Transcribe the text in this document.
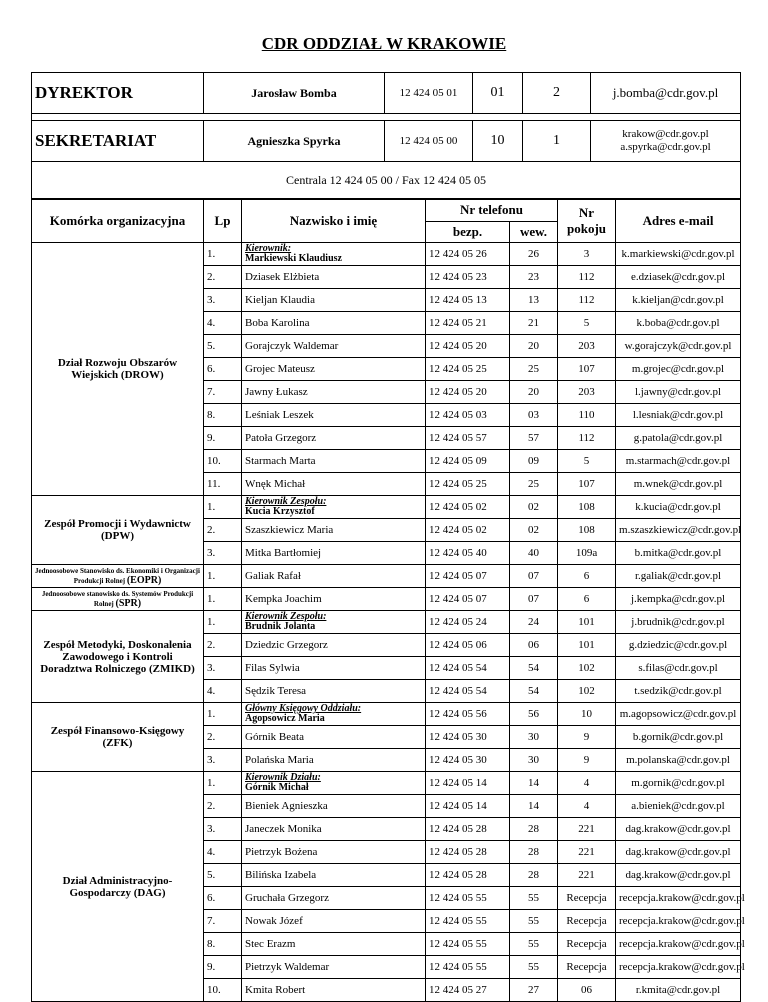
CDR ODDZIAŁ W KRAKOWIE
DYREKTOR	Jarosław Bomba	12 424 05 01	01	2	j.bomba@cdr.gov.pl

SEKRETARIAT	Agnieszka Spyrka	12 424 05 00	10	1	krakow@cdr.gov.pl
a.spyrka@cdr.gov.pl

Centrala 12 424 05 00 / Fax 12 424 05 05					
Komórka organizacyjna	Lp	Nazwisko i imię	Nr telefonu		Nr pokoju	Adres e-mail
			bezp.	wew.		
Dział Rozwoju Obszarów Wiejskich (DROW)	1.	Kierownik:
Markiewski Klaudiusz	12 424 05 26	26	3	k.markiewski@cdr.gov.pl
	2.	Dziasek Elżbieta	12 424 05 23	23	112	e.dziasek@cdr.gov.pl
	3.	Kieljan Klaudia	12 424 05 13	13	112	k.kieljan@cdr.gov.pl
	4.	Boba Karolina	12 424 05 21	21	5	k.boba@cdr.gov.pl
	5.	Gorajczyk Waldemar	12 424 05 20	20	203	w.gorajczyk@cdr.gov.pl
	6.	Grojec Mateusz	12 424 05 25	25	107	m.grojec@cdr.gov.pl
	7.	Jawny Łukasz	12 424 05 20	20	203	l.jawny@cdr.gov.pl
	8.	Leśniak Leszek	12 424 05 03	03	110	l.lesniak@cdr.gov.pl
	9.	Patoła Grzegorz	12 424 05 57	57	112	g.patola@cdr.gov.pl
	10.	Starmach Marta	12 424 05 09	09	5	m.starmach@cdr.gov.pl
	11.	Wnęk Michał	12 424 05 25	25	107	m.wnek@cdr.gov.pl
Zespół Promocji i Wydawnictw (DPW)	1.	Kierownik Zespołu:
Kucia Krzysztof	12 424 05 02	02	108	k.kucia@cdr.gov.pl
	2.	Szaszkiewicz Maria	12 424 05 02	02	108	m.szaszkiewicz@cdr.gov.pl
	3.	Mitka Bartłomiej	12 424 05 40	40	109a	b.mitka@cdr.gov.pl
Jednoosobowe Stanowisko ds. Ekonomiki i Organizacji Produkcji Rolnej (EOPR)	1.	Galiak Rafał	12 424 05 07	07	6	r.galiak@cdr.gov.pl
Jednoosobowe stanowisko ds. Systemów Produkcji Rolnej (SPR)	1.	Kempka Joachim	12 424 05 07	07	6	j.kempka@cdr.gov.pl
Zespół Metodyki, Doskonalenia Zawodowego i Kontroli Doradztwa Rolniczego (ZMIKD)	1.	Kierownik Zespołu:
Brudnik Jolanta	12 424 05 24	24	101	j.brudnik@cdr.gov.pl
	2.	Dziedzic Grzegorz	12 424 05 06	06	101	g.dziedzic@cdr.gov.pl
	3.	Filas Sylwia	12 424 05 54	54	102	s.filas@cdr.gov.pl
	4.	Sędzik Teresa	12 424 05 54	54	102	t.sedzik@cdr.gov.pl
Zespół Finansowo-Księgowy (ZFK)	1.	Główny Księgowy Oddziału:
Agopsowicz Maria	12 424 05 56	56	10	m.agopsowicz@cdr.gov.pl
	2.	Górnik Beata	12 424 05 30	30	9	b.gornik@cdr.gov.pl
	3.	Polańska Maria	12 424 05 30	30	9	m.polanska@cdr.gov.pl
Dział Administracyjno-Gospodarczy (DAG)	1.	Kierownik Działu:
Górnik Michał	12 424 05 14	14	4	m.gornik@cdr.gov.pl
	2.	Bieniek Agnieszka	12 424 05 14	14	4	a.bieniek@cdr.gov.pl
	3.	Janeczek Monika	12 424 05 28	28	221	dag.krakow@cdr.gov.pl
	4.	Pietrzyk Bożena	12 424 05 28	28	221	dag.krakow@cdr.gov.pl
	5.	Bilińska Izabela	12 424 05 28	28	221	dag.krakow@cdr.gov.pl
	6.	Gruchała Grzegorz	12 424 05 55	55	Recepcja	recepcja.krakow@cdr.gov.pl
	7.	Nowak Józef	12 424 05 55	55	Recepcja	recepcja.krakow@cdr.gov.pl
	8.	Stec Erazm	12 424 05 55	55	Recepcja	recepcja.krakow@cdr.gov.pl
	9.	Pietrzyk Waldemar	12 424 05 55	55	Recepcja	recepcja.krakow@cdr.gov.pl
	10.	Kmita Robert	12 424 05 27	27	06	r.kmita@cdr.gov.pl
